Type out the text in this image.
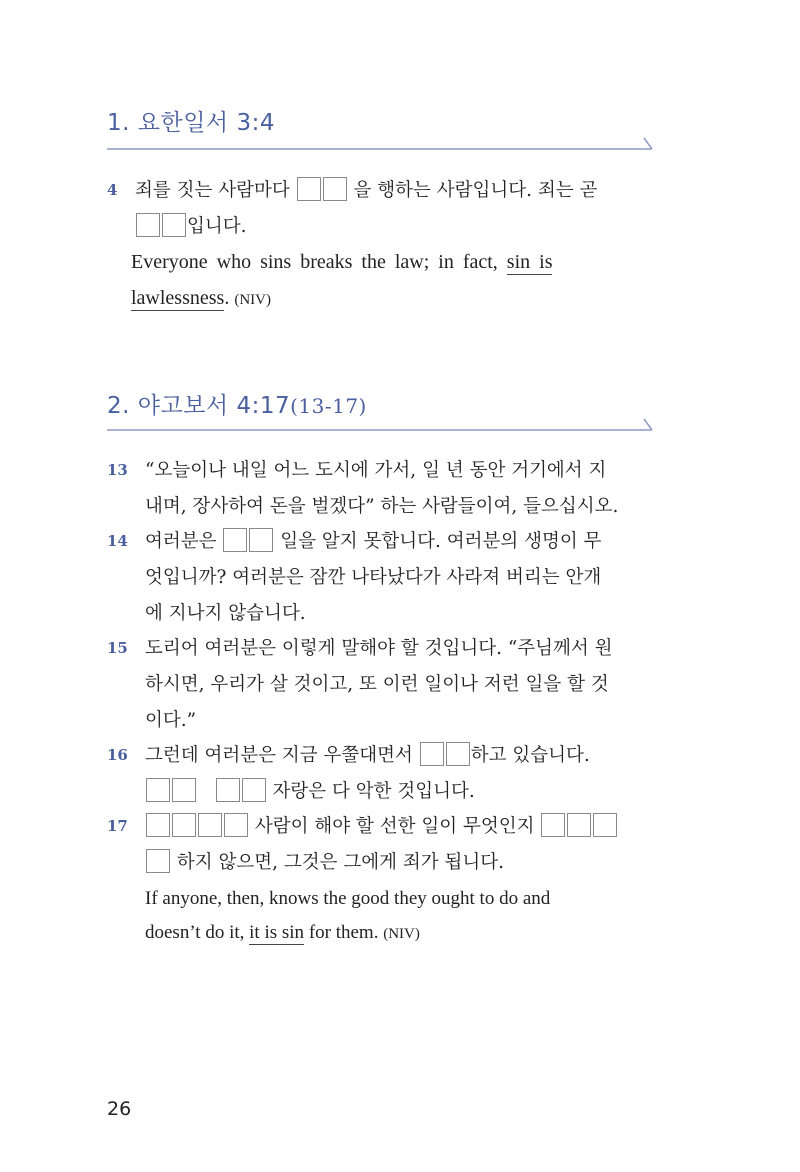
1. 요한일서 3:4
4 죄를 짓는 사람마다	을 행하는 사람입니다. 죄는 곧
입니다.
Everyone who sins breaks the law; in fact, sin is
lawlessness. (NIV)
2. 야고보서 4:17(13-17)
13 “오늘이나 내일 어느 도시에 가서, 일 년 동안 거기에서 지
내며, 장사하여 돈을 벌겠다” 하는 사람들이여, 들으십시오.
14 여러분은	일을 알지 못합니다. 여러분의 생명이 무
엇입니까? 여러분은 잠깐 나타났다가 사라져 버리는 안개
에 지나지 않습니다.
15 도리어 여러분은 이렇게 말해야 할 것입니다. “주님께서 원
하시면, 우리가 살 것이고, 또 이런 일이나 저런 일을 할 것
이다.”
16 그런데 여러분은 지금 우쭐대면서	하고 있습니다.
자랑은 다 악한 것입니다.
17	사람이 해야 할 선한 일이 무엇인지
하지 않으면, 그것은 그에게 죄가 됩니다.
If anyone, then, knows the good they ought to do and
doesn’t do it, it is sin for them. (NIV)
26
